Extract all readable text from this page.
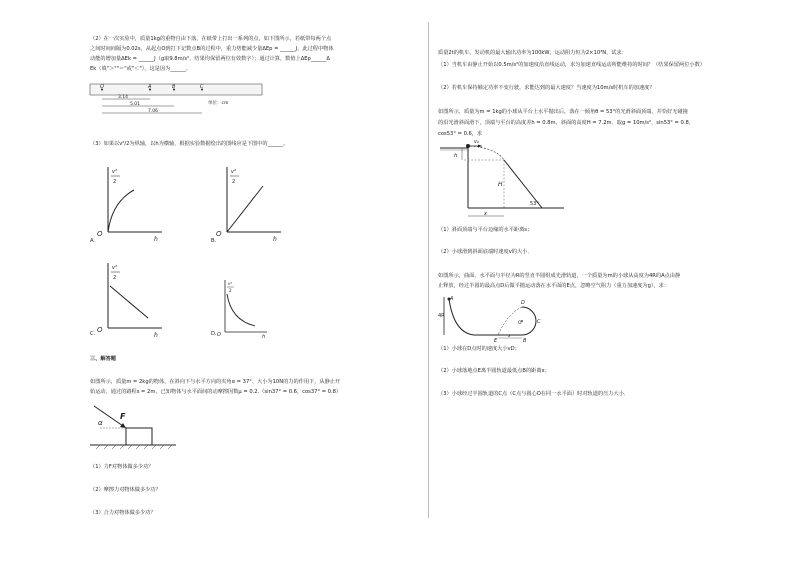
（2）在一次实验中，质量1kg的重物自由下落，在纸带上打出一系列的点，如下图所示，若纸带每两个点
之间时间间隔为0.02s，从起点O到打下记数点B的过程中，重力势能减少量ΔEp = ______J，此过程中物体
动能的增加量ΔEk = ______J（g取9.8m/s²，结果均保留两位有效数字）；通过计算，数值上ΔEp______Δ
Ek（填"＞""＝"或"＜"），这是因为______。
O	A	B	C
3.14
5.01
7.06
单位：cm
（3）如果以v²/2为纵轴，以h为横轴，根据实验数据绘出的图线应是下图中的______。
O
h
v²
2
A.
O
h
v²
2
B.
O
h
v²
2
C.	O	h
v²
2
D.
三、解答题
如图所示，质量m = 2kg的物体，在斜向下与水平方向的夹角α = 37°、大小为10N的力的作用下，从静止开
始运动，通过的路程s = 2m，已知物体与水平面间的动摩擦因数μ = 0.2.（sin37° = 0.6，cos37° = 0.8）
α
F
（1）力F对物体做多少功？
（2）摩擦力对物体做多少功？
（3）合力对物体做多少功？
质量2t的机车，发动机的最大输出功率为100kW，运动阻力恒为2×10³N，试求：
（1）当机车由静止开始以0.5m/s²的加速度沿直线运动，求匀加速直线运动所能维持的时间？（结果保留两位小数）
（2）若机车保持额定功率不变行驶，求能达到的最大速度？当速度为10m/s时机车的加速度？
如图所示，质量为m = 1kg的小球从平台上水平抛出后，落在一倾角θ = 53°的光滑斜面顶端，并恰好无碰撞
的沿光滑斜面滑下，顶端与平台的高度差h = 0.8m，斜面的高度H = 7.2m．取g = 10m/s²，sin53° = 0.8，
cos53° = 0.6，求
v₀
h
H
x
53°
（1）斜面顶端与平台边缘的水平距离s；
（2）小球滑到斜面底端时速度v的大小．
如图所示，曲面、水平面与半径为R的竖直半圆组成光滑轨道，一个质量为m的小球从高度为4R的A点由静
止释放，经过半圆的最高点D后做平抛运动落在水平面的E点，忽略空气阻力（重力加速度为g），求：
4R
A
O
D
C
B
E
x
（1）小球在D点时的速度大小vD；
（2）小球落地点E离半圆轨道最低点B的距离x；
（3）小球经过半圆轨道的C点（C点与圆心O在同一水平面）时对轨道的压力大小．
